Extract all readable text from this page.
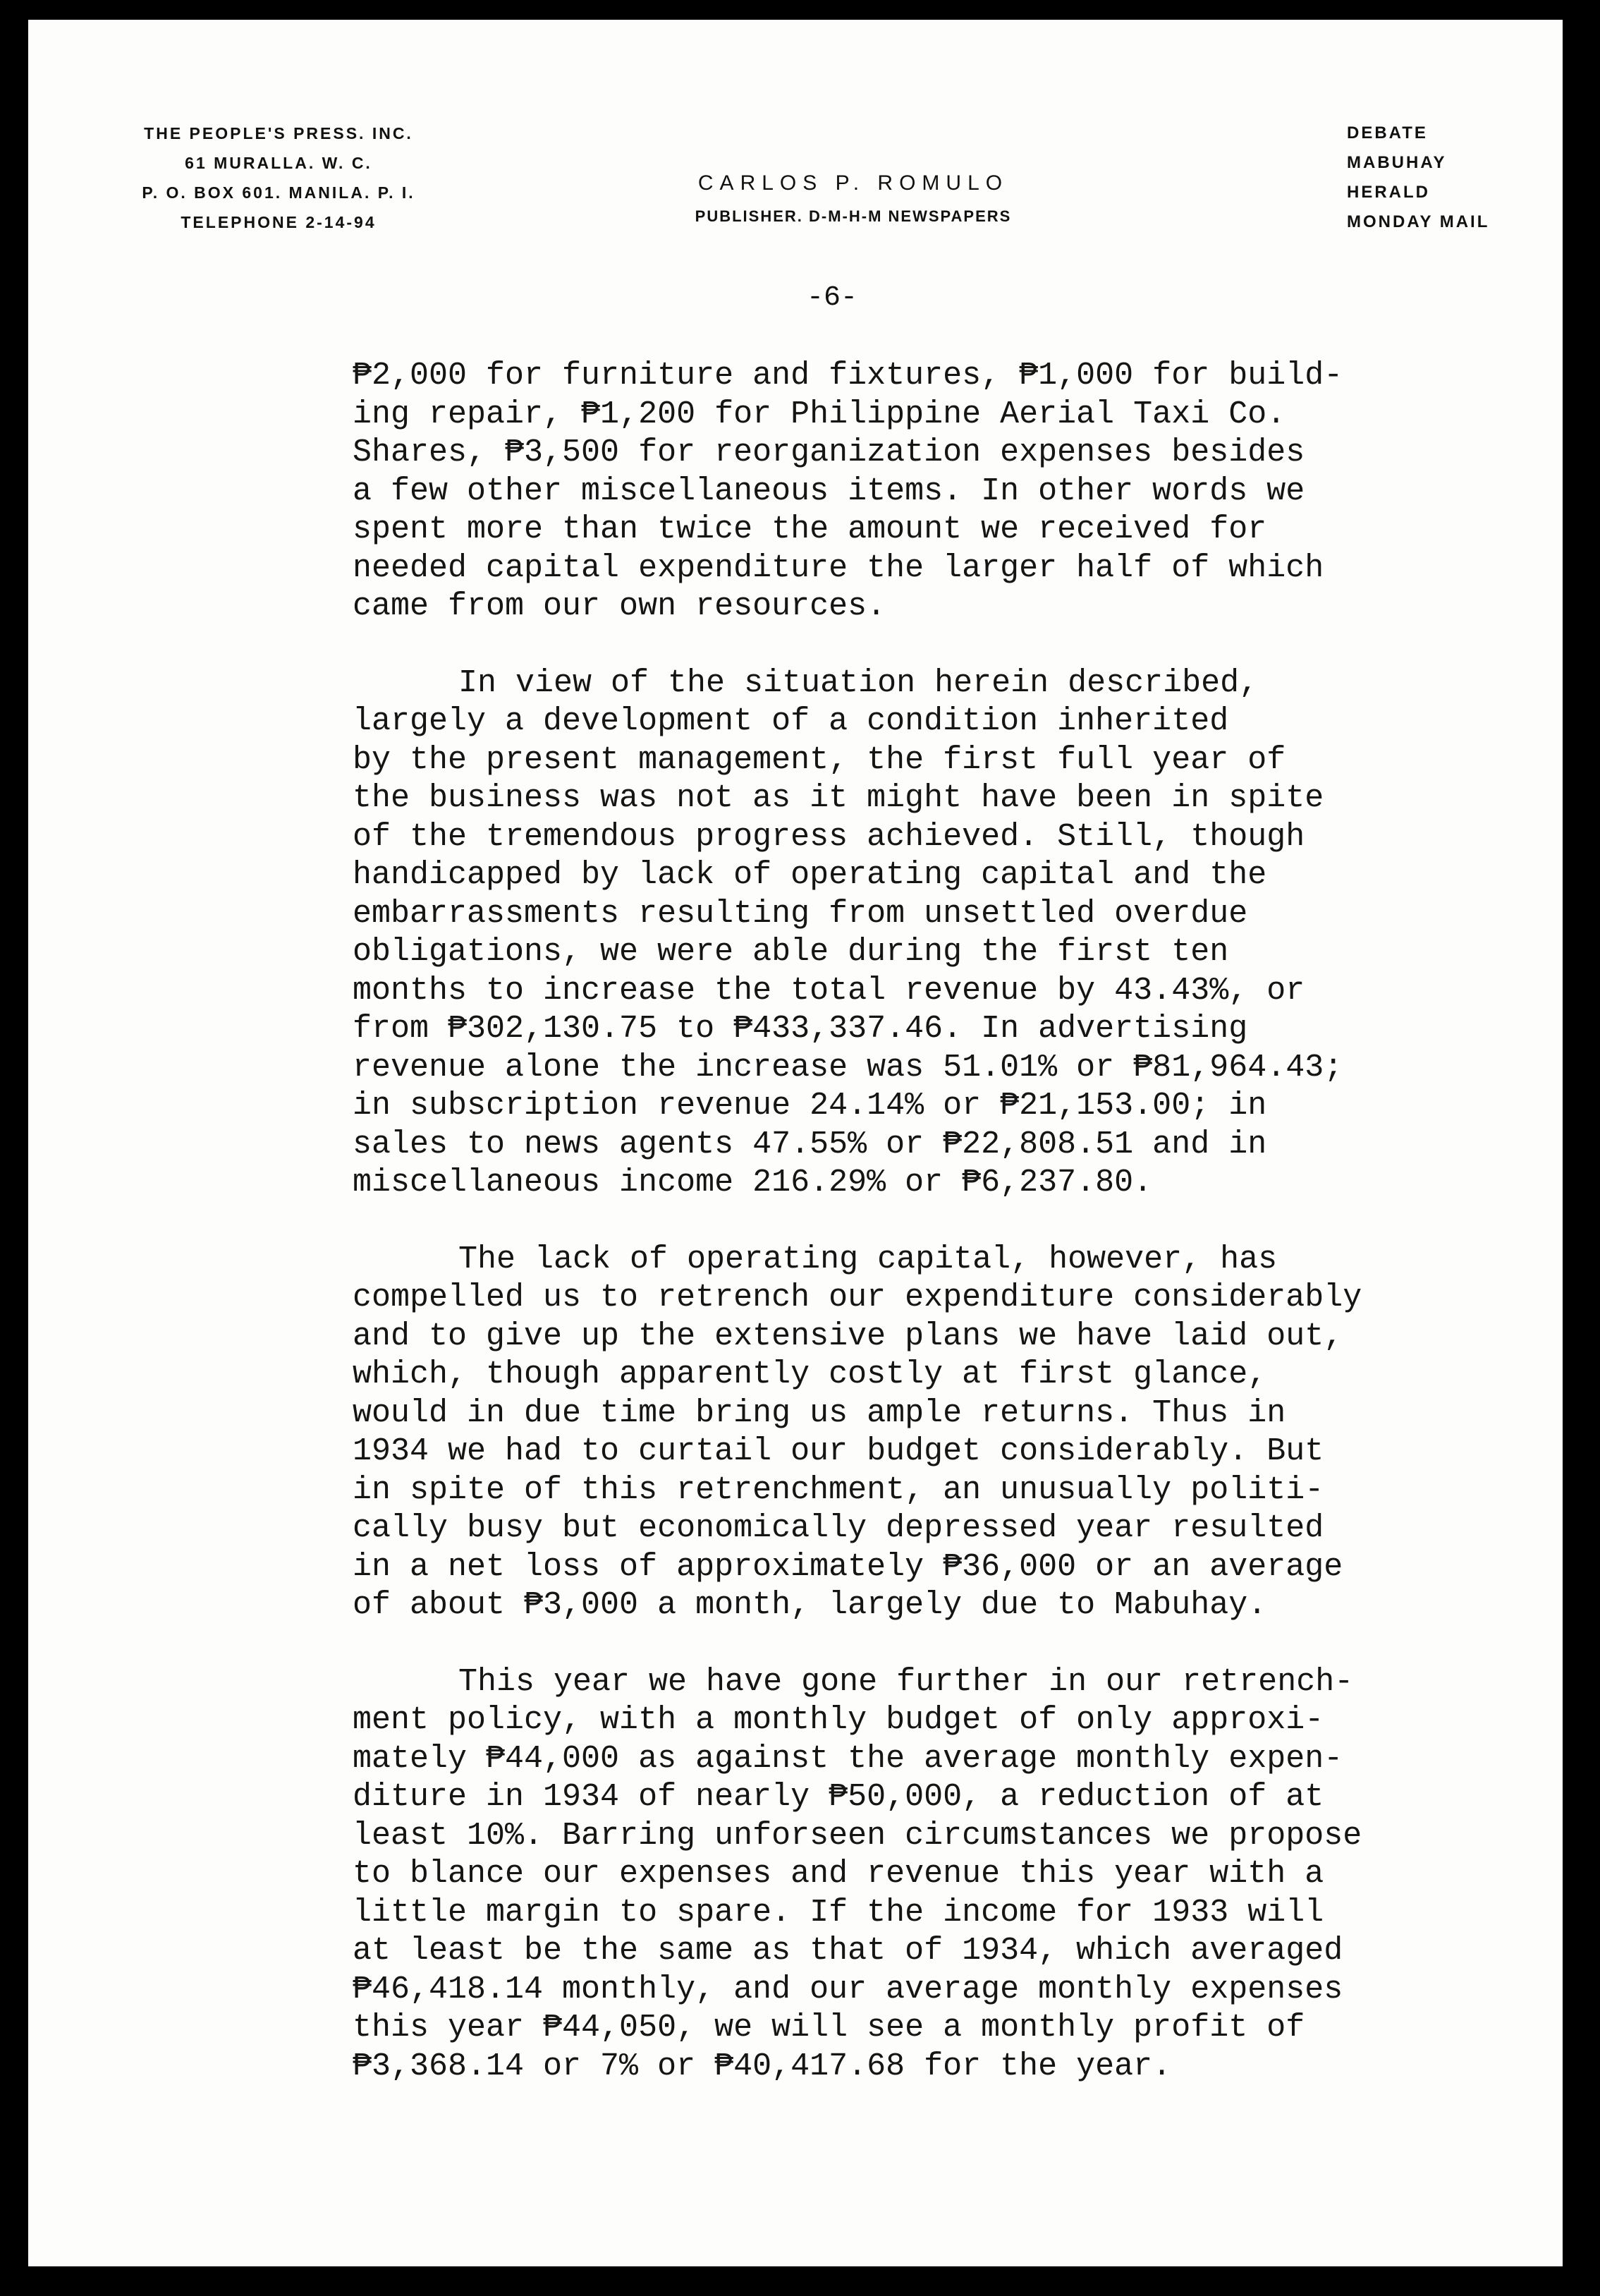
THE PEOPLE'S PRESS. INC.
61 MURALLA. W. C.
P. O. BOX 601. MANILA. P. I.
TELEPHONE 2-14-94
CARLOS P. ROMULO
PUBLISHER. D-M-H-M NEWSPAPERS
DEBATE
MABUHAY
HERALD
MONDAY MAIL
-6-
₱2,000 for furniture and fixtures, ₱1,000 for build-
ing repair, ₱1,200 for Philippine Aerial Taxi Co.
Shares, ₱3,500 for reorganization expenses besides
a few other miscellaneous items. In other words we
spent more than twice the amount we received for
needed capital expenditure the larger half of which
came from our own resources.
In view of the situation herein described,
largely a development of a condition inherited
by the present management, the first full year of
the business was not as it might have been in spite
of the tremendous progress achieved. Still, though
handicapped by lack of operating capital and the
embarrassments resulting from unsettled overdue
obligations, we were able during the first ten
months to increase the total revenue by 43.43%, or
from ₱302,130.75 to ₱433,337.46. In advertising
revenue alone the increase was 51.01% or ₱81,964.43;
in subscription revenue 24.14% or ₱21,153.00; in
sales to news agents 47.55% or ₱22,808.51 and in
miscellaneous income 216.29% or ₱6,237.80.
The lack of operating capital, however, has
compelled us to retrench our expenditure considerably
and to give up the extensive plans we have laid out,
which, though apparently costly at first glance,
would in due time bring us ample returns. Thus in
1934 we had to curtail our budget considerably. But
in spite of this retrenchment, an unusually politi-
cally busy but economically depressed year resulted
in a net loss of approximately ₱36,000 or an average
of about ₱3,000 a month, largely due to Mabuhay.
This year we have gone further in our retrench-
ment policy, with a monthly budget of only approxi-
mately ₱44,000 as against the average monthly expen-
diture in 1934 of nearly ₱50,000, a reduction of at
least 10%. Barring unforseen circumstances we propose
to blance our expenses and revenue this year with a
little margin to spare. If the income for 1933 will
at least be the same as that of 1934, which averaged
₱46,418.14 monthly, and our average monthly expenses
this year ₱44,050, we will see a monthly profit of
₱3,368.14 or 7% or ₱40,417.68 for the year.
